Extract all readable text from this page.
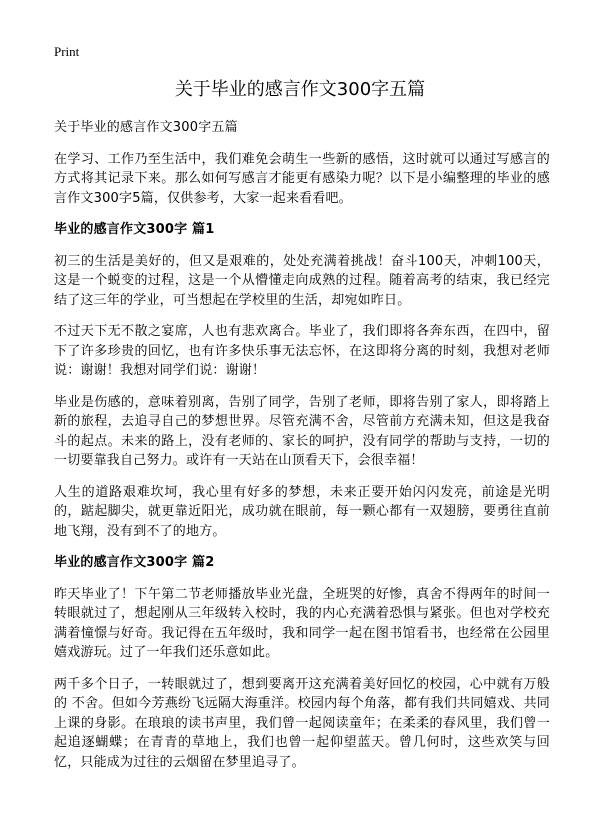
Print
关于毕业的感言作文300字五篇

关于毕业的感言作文300字五篇

在学习、工作乃至生活中，我们难免会萌生一些新的感悟，这时就可以通过写感言的方式将其记录下来。那么如何写感言才能更有感染力呢？以下是小编整理的毕业的感言作文300字5篇，仅供参考，大家一起来看看吧。

毕业的感言作文300字 篇1

初三的生活是美好的，但又是艰难的，处处充满着挑战！奋斗100天，冲刺100天，这是一个蜕变的过程，这是一个从懵懂走向成熟的过程。随着高考的结束，我已经完结了这三年的学业，可当想起在学校里的生活，却宛如昨日。

不过天下无不散之宴席，人也有悲欢离合。毕业了，我们即将各奔东西，在四中，留下了许多珍贵的回忆，也有许多快乐事无法忘怀，在这即将分离的时刻，我想对老师说：谢谢！我想对同学们说：谢谢！

毕业是伤感的，意味着别离，告别了同学，告别了老师，即将告别了家人，即将踏上新的旅程，去追寻自己的梦想世界。尽管充满不舍，尽管前方充满未知，但这是我奋斗的起点。未来的路上，没有老师的、家长的呵护，没有同学的帮助与支持，一切的一切要靠我自己努力。或许有一天站在山顶看天下，会很幸福！

人生的道路艰难坎坷，我心里有好多的梦想，未来正要开始闪闪发亮，前途是光明的，踮起脚尖，就更靠近阳光，成功就在眼前，每一颗心都有一双翅膀，要勇往直前地飞翔，没有到不了的地方。

毕业的感言作文300字 篇2

昨天毕业了！下午第二节老师播放毕业光盘，全班哭的好惨，真舍不得两年的时间一转眼就过了，想起刚从三年级转入校时，我的内心充满着恐惧与紧张。但也对学校充满着憧憬与好奇。我记得在五年级时，我和同学一起在图书馆看书，也经常在公园里嬉戏游玩。过了一年我们还乐意如此。

两千多个日子，一转眼就过了，想到要离开这充满着美好回忆的校园，心中就有万般的 不舍。但如今芳燕纷飞远隔大海重洋。校园内每个角落，都有我们共同嬉戏、共同上课的身影。在琅琅的读书声里，我们曾一起阅读童年；在柔柔的春风里，我们曾一起追逐蝴蝶；在青青的草地上，我们也曾一起仰望蓝天。曾几何时，这些欢笑与回忆，只能成为过往的云烟留在梦里追寻了。
